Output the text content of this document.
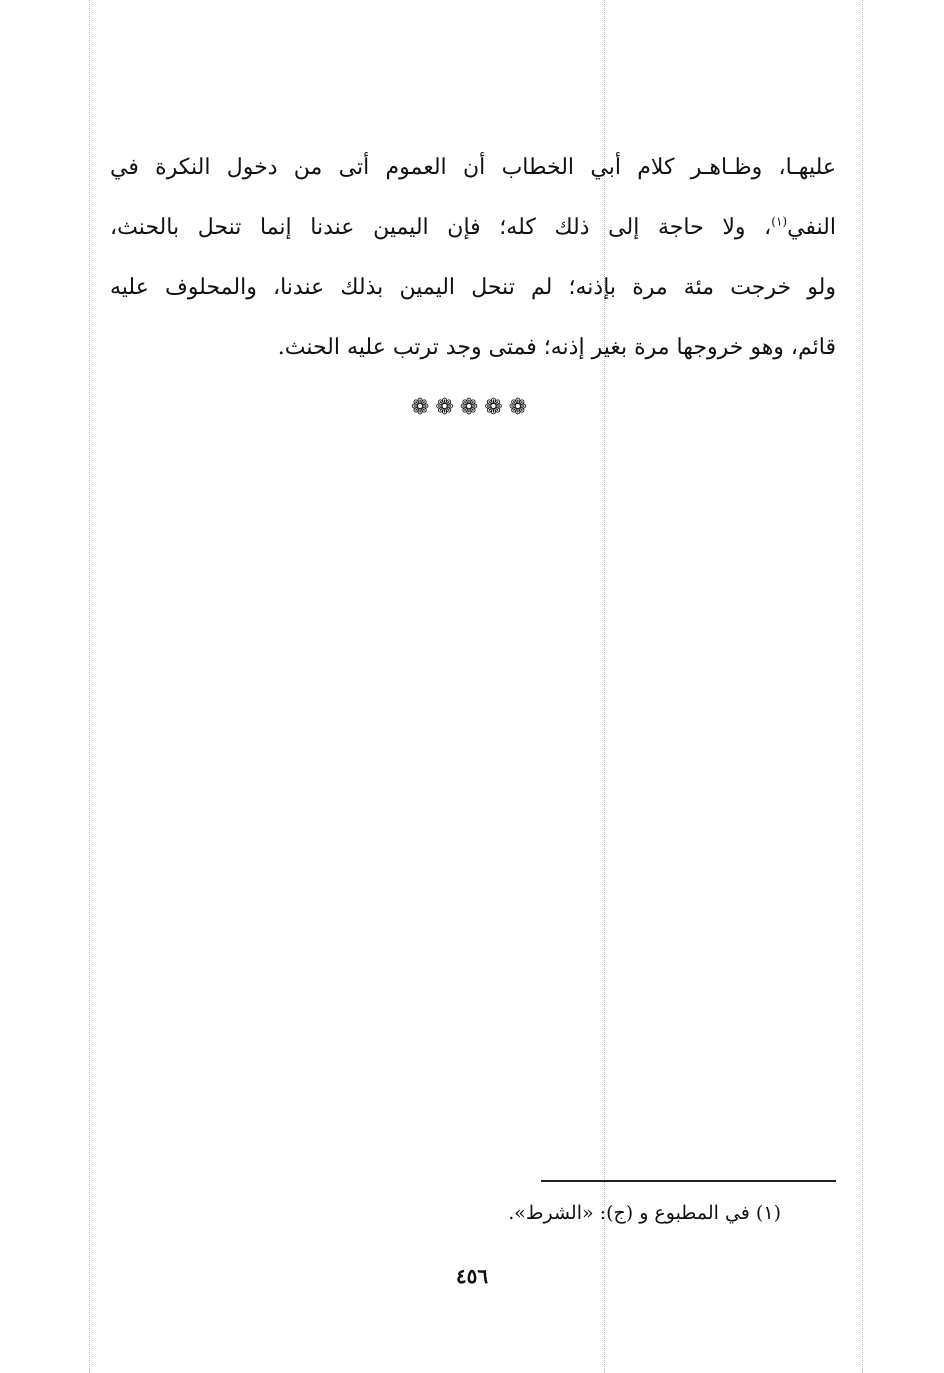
عليهـا، وظـاهـر كلام أبي الخطاب أن العموم أتى من دخول النكرة في
النفي$^{(١)}$، ولا حاجة إلى ذلك كله؛ فإن اليمين عندنا إنما تنحل بالحنث،
ولو خرجت مئة مرة بإذنه؛ لم تنحل اليمين بذلك عندنا، والمحلوف عليه
قائم، وهو خروجها مرة بغير إذنه؛ فمتى وجد ترتب عليه الحنث.
❁❁❁❁❁
(١) في المطبوع و (ج): «الشرط».
٤٥٦
